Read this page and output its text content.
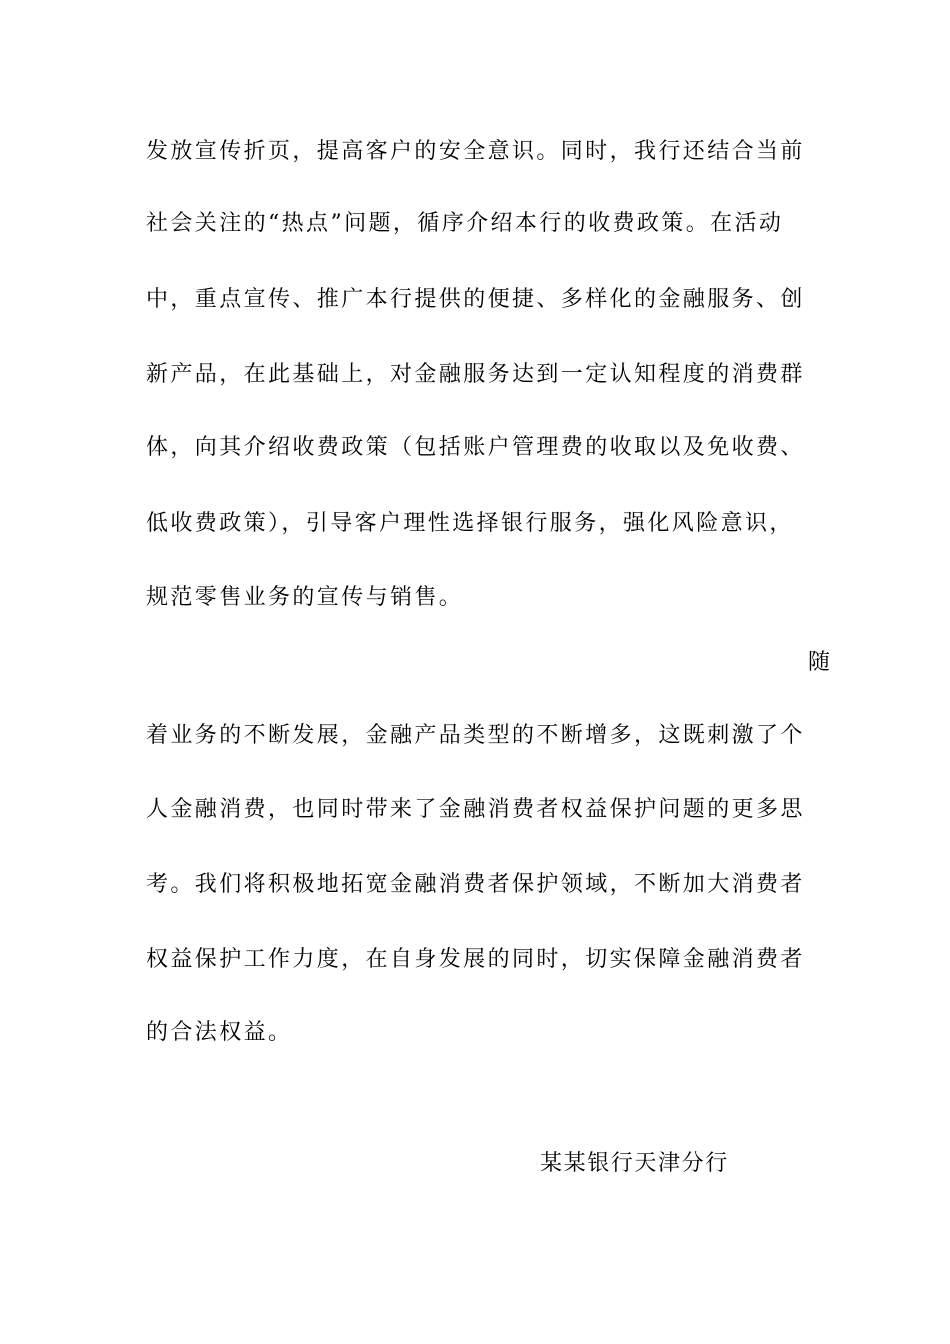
发放宣传折页，提高客户的安全意识。同时，我行还结合当前
社会关注的“热点”问题，循序介绍本行的收费政策。在活动
中，重点宣传、推广本行提供的便捷、多样化的金融服务、创
新产品，在此基础上，对金融服务达到一定认知程度的消费群
体，向其介绍收费政策（包括账户管理费的收取以及免收费、
低收费政策），引导客户理性选择银行服务，强化风险意识，
规范零售业务的宣传与销售。
随
着业务的不断发展，金融产品类型的不断增多，这既刺激了个
人金融消费，也同时带来了金融消费者权益保护问题的更多思
考。我们将积极地拓宽金融消费者保护领域，不断加大消费者
权益保护工作力度，在自身发展的同时，切实保障金融消费者
的合法权益。
某某银行天津分行
